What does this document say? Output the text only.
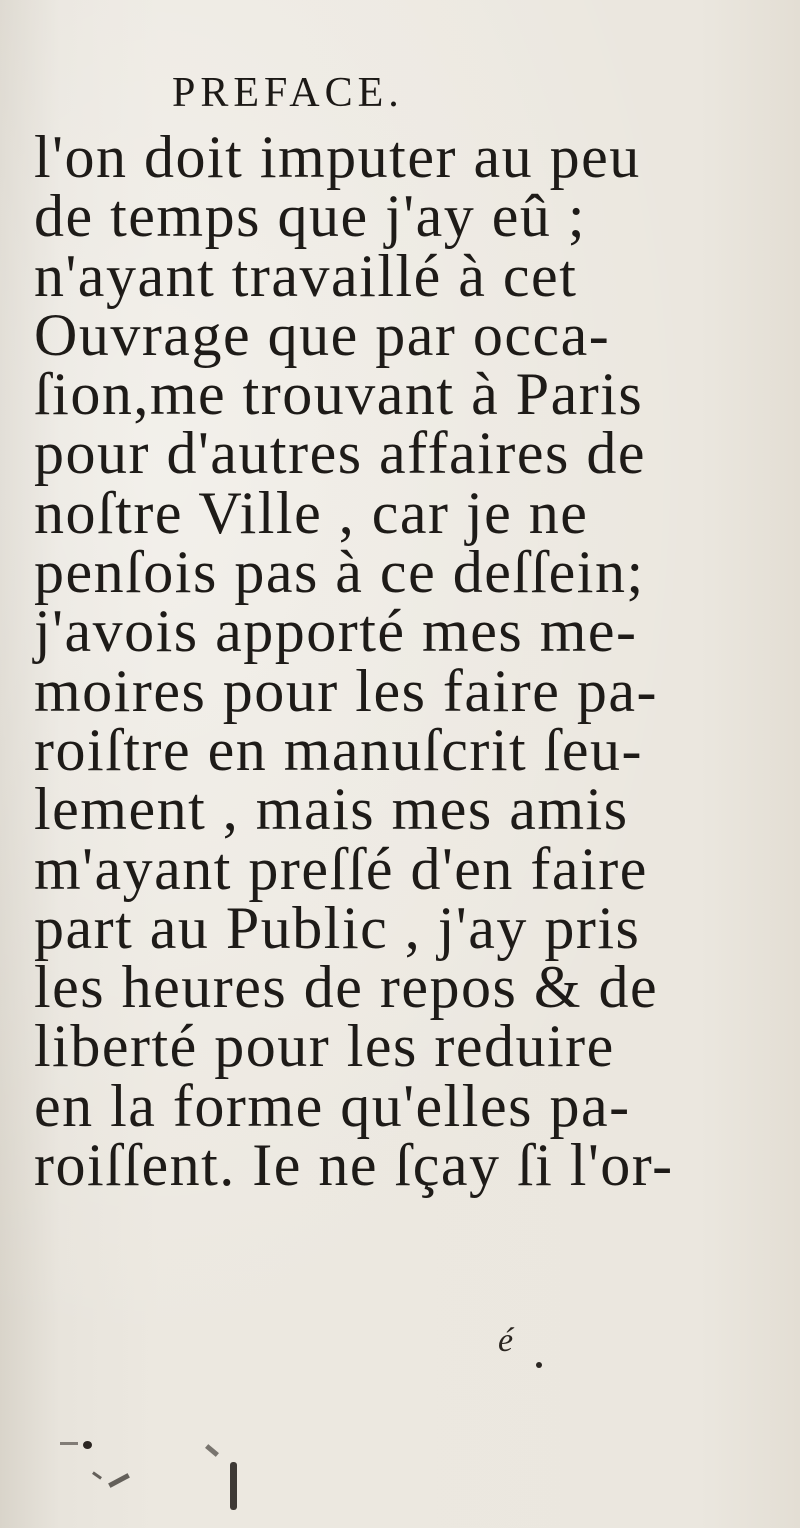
PREFACE.
l'on doit imputer au peu
de temps que j'ay eû ;
n'ayant travaillé à cet
Ouvrage que par occa-
ſion,me trouvant à Paris
pour d'autres affaires de
noſtre Ville , car je ne
penſois pas à ce deſſein;
j'avois apporté mes me-
moires pour les faire pa-
roiſtre en manuſcrit ſeu-
lement , mais mes amis
m'ayant preſſé d'en faire
part au Public , j'ay pris
les heures de repos & de
liberté pour les reduire
en la forme qu'elles pa-
roiſſent. Ie ne ſçay ſi l'or-
é
